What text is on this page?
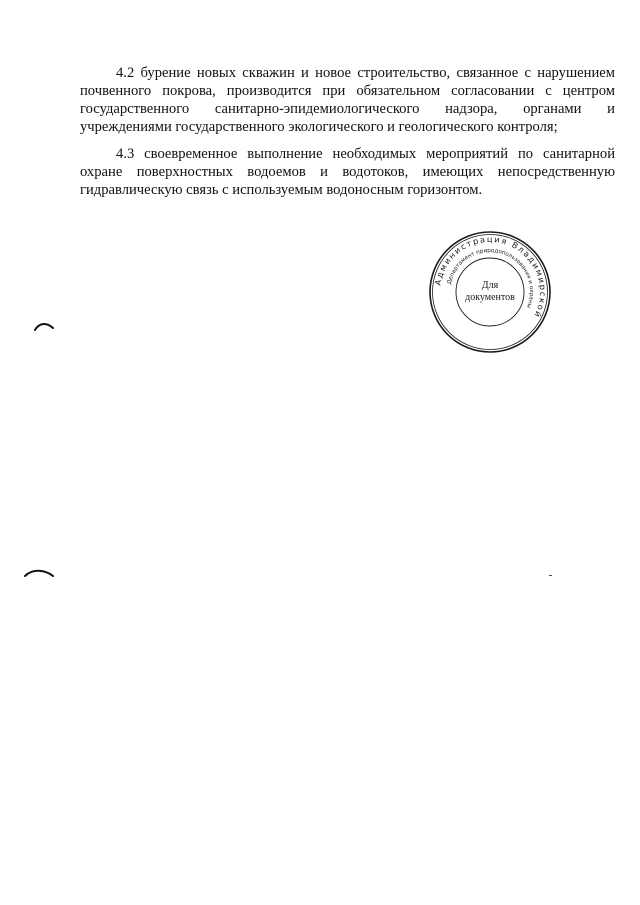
4.2 бурение новых скважин и новое строительство, связанное с нарушением почвенного покрова, производится при обязательном согласовании с центром государственного санитарно-эпидемиологического надзора, органами и учреждениями государственного экологического и геологического контроля;

4.3 своевременное выполнение необходимых мероприятий по санитарной охране поверхностных водоемов и водотоков, имеющих непосредственную гидравлическую связь с используемым водоносным горизонтом.

Администрация Владимирской
Департамент природопользования и охраны
Для
документов
